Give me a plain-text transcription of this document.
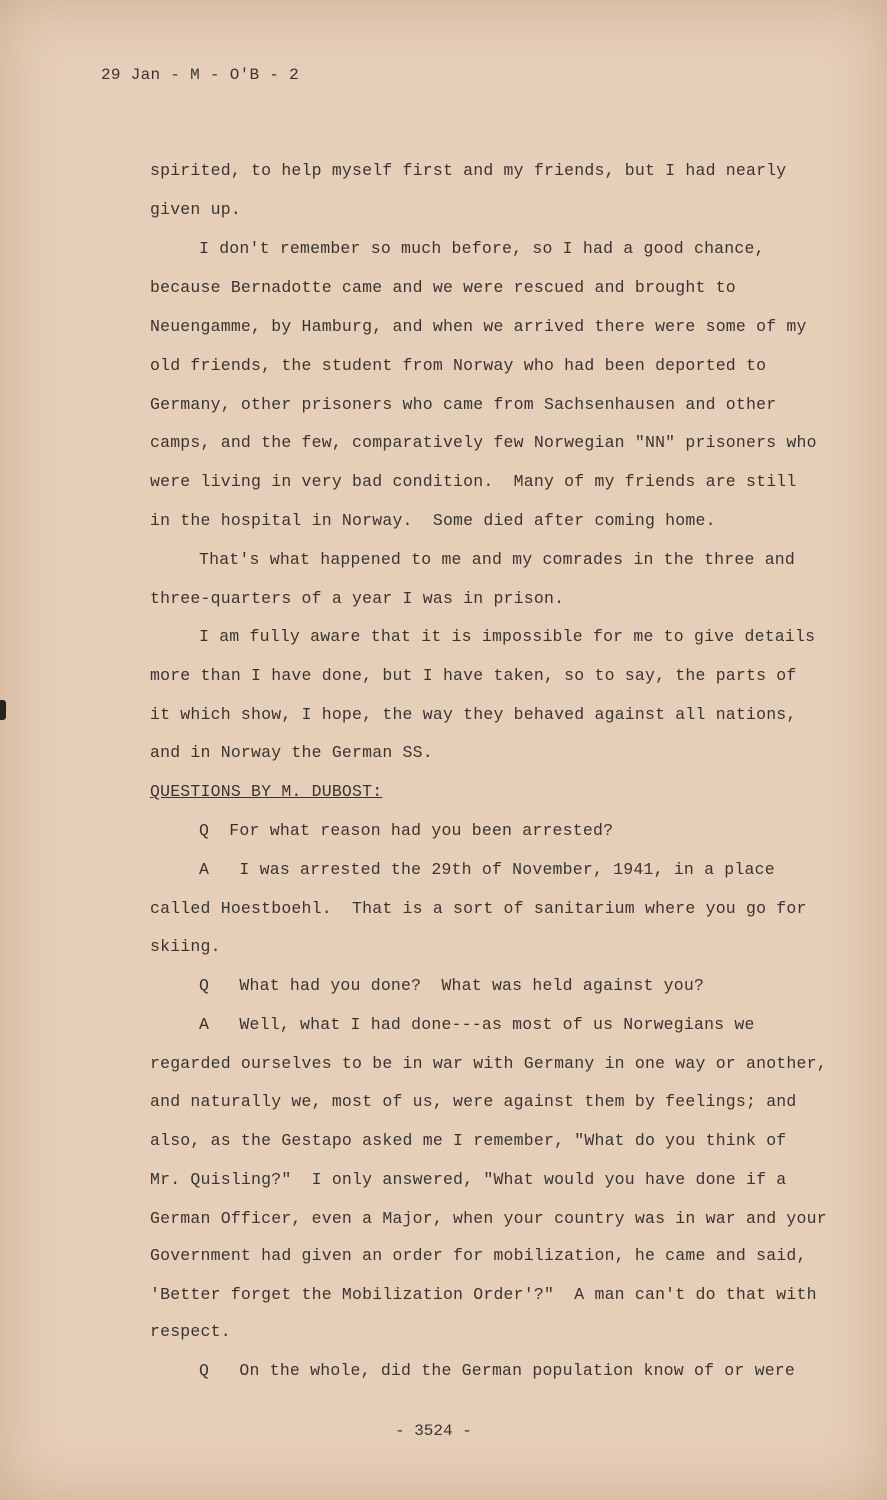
29 Jan - M - O'B - 2
spirited, to help myself first and my friends, but I had nearly
given up.
I don't remember so much before, so I had a good chance,
because Bernadotte came and we were rescued and brought to
Neuengamme, by Hamburg, and when we arrived there were some of my
old friends, the student from Norway who had been deported to
Germany, other prisoners who came from Sachsenhausen and other
camps, and the few, comparatively few Norwegian "NN" prisoners who
were living in very bad condition.  Many of my friends are still
in the hospital in Norway.  Some died after coming home.
That's what happened to me and my comrades in the three and
three-quarters of a year I was in prison.
I am fully aware that it is impossible for me to give details
more than I have done, but I have taken, so to say, the parts of
it which show, I hope, the way they behaved against all nations,
and in Norway the German SS.
QUESTIONS BY M. DUBOST:
Q  For what reason had you been arrested?
A   I was arrested the 29th of November, 1941, in a place
called Hoestboehl.  That is a sort of sanitarium where you go for
skiing.
Q   What had you done?  What was held against you?
A   Well, what I had done---as most of us Norwegians we
regarded ourselves to be in war with Germany in one way or another,
and naturally we, most of us, were against them by feelings; and
also, as the Gestapo asked me I remember, "What do you think of
Mr. Quisling?"  I only answered, "What would you have done if a
German Officer, even a Major, when your country was in war and your
Government had given an order for mobilization, he came and said,
'Better forget the Mobilization Order'?"  A man can't do that with
respect.
Q   On the whole, did the German population know of or were
- 3524 -
